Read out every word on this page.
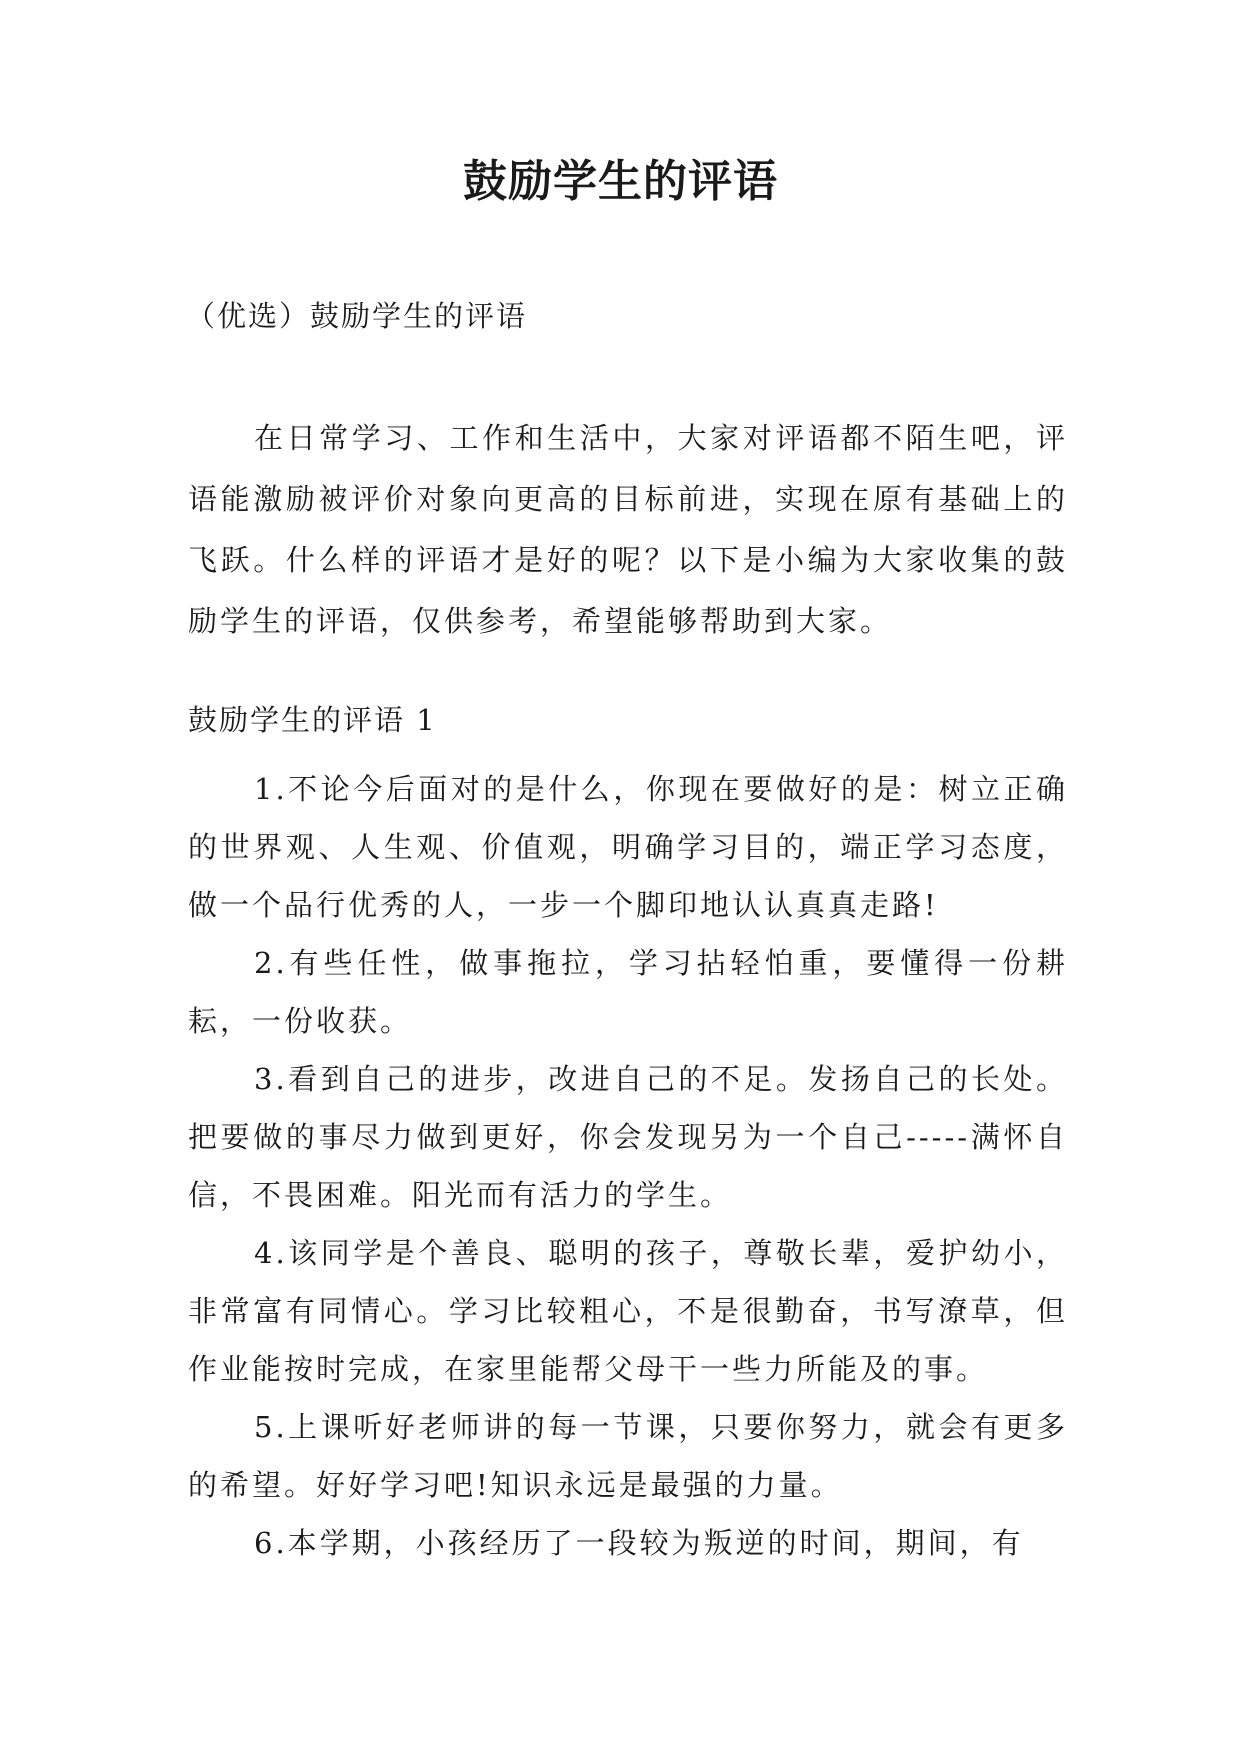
鼓励学生的评语

（优选）鼓励学生的评语

在日常学习、工作和生活中，大家对评语都不陌生吧，评语能激励被评价对象向更高的目标前进，实现在原有基础上的飞跃。什么样的评语才是好的呢？以下是小编为大家收集的鼓励学生的评语，仅供参考，希望能够帮助到大家。

鼓励学生的评语 1

1.不论今后面对的是什么，你现在要做好的是：树立正确的世界观、人生观、价值观，明确学习目的，端正学习态度，做一个品行优秀的人，一步一个脚印地认认真真走路!
2.有些任性，做事拖拉，学习拈轻怕重，要懂得一份耕耘，一份收获。
3.看到自己的进步，改进自己的不足。发扬自己的长处。把要做的事尽力做到更好，你会发现另为一个自己-----满怀自信，不畏困难。阳光而有活力的学生。
4.该同学是个善良、聪明的孩子，尊敬长辈，爱护幼小，非常富有同情心。学习比较粗心，不是很勤奋，书写潦草，但作业能按时完成，在家里能帮父母干一些力所能及的事。
5.上课听好老师讲的每一节课，只要你努力，就会有更多的希望。好好学习吧!知识永远是最强的力量。
6.本学期，小孩经历了一段较为叛逆的时间，期间，有
